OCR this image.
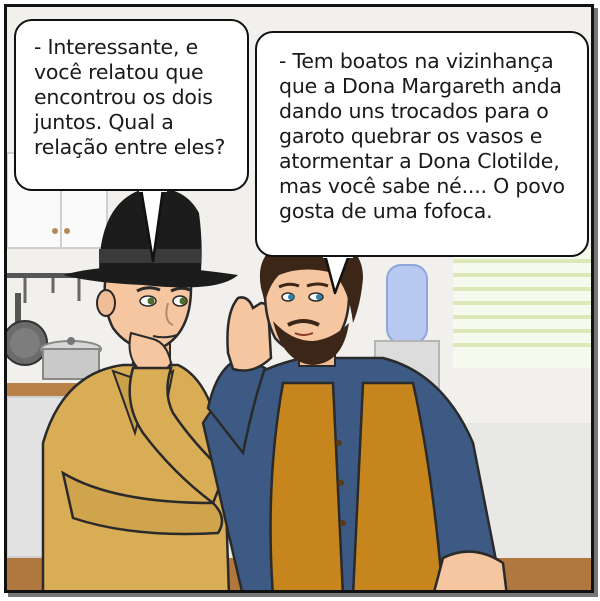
- Interessante, e você relatou que encontrou os dois juntos. Qual a relação entre eles?
- Tem boatos na vizinhança que a Dona Margareth anda dando uns trocados para o garoto quebrar os vasos e atormentar a Dona Clotilde, mas você sabe né.... O povo gosta de uma fofoca.
